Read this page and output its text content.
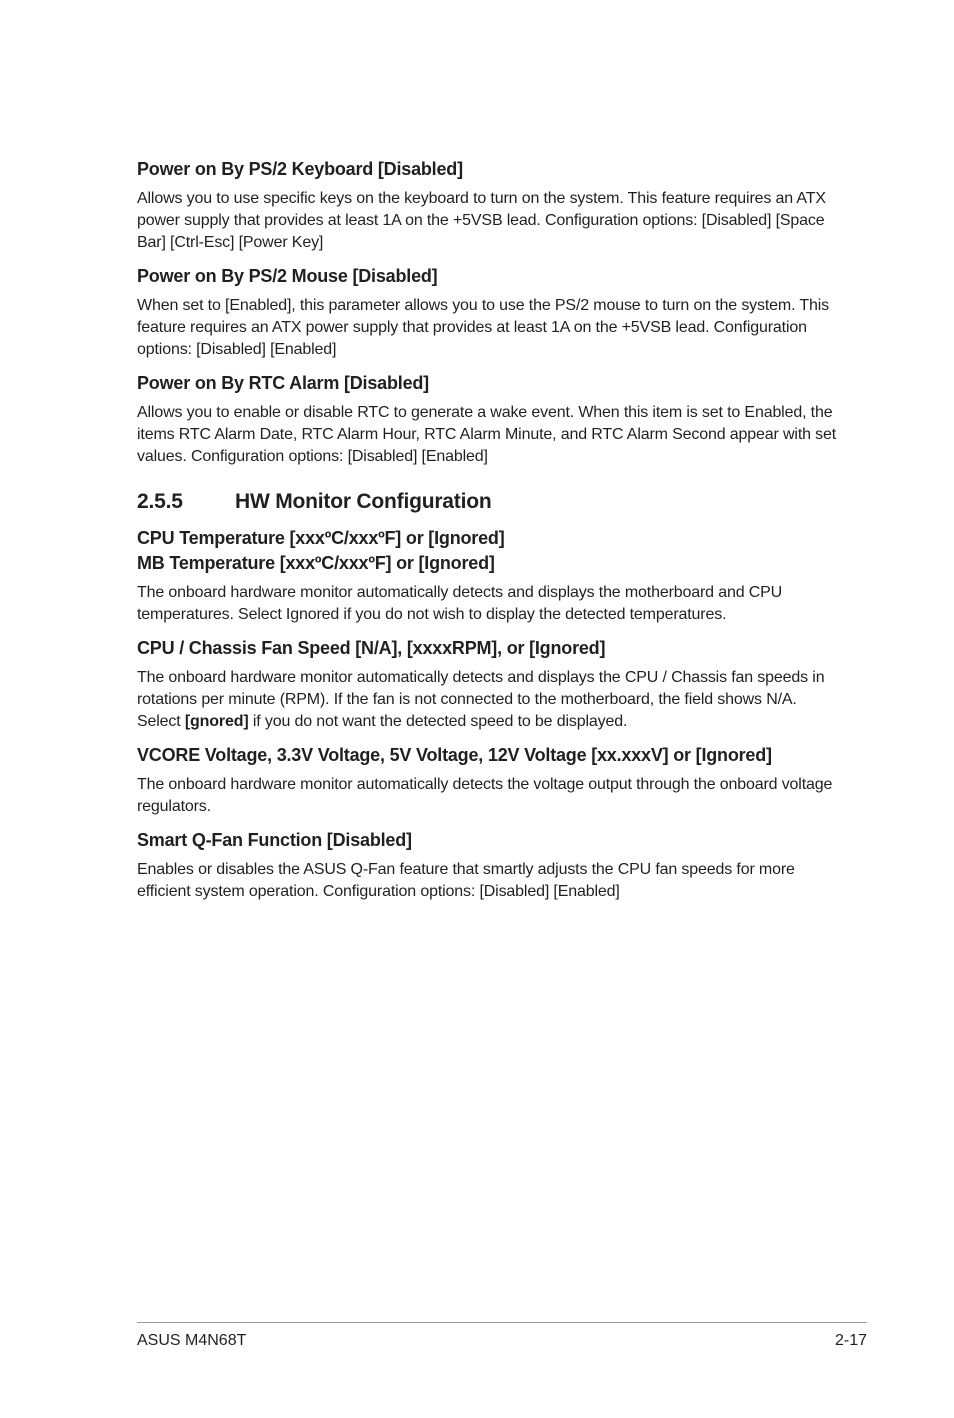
Power on By PS/2 Keyboard [Disabled]

Allows you to use specific keys on the keyboard to turn on the system. This feature requires an ATX power supply that provides at least 1A on the +5VSB lead. Configuration options: [Disabled] [Space Bar] [Ctrl-Esc] [Power Key]

Power on By PS/2 Mouse [Disabled]

When set to [Enabled], this parameter allows you to use the PS/2 mouse to turn on the system. This feature requires an ATX power supply that provides at least 1A on the +5VSB lead. Configuration options: [Disabled] [Enabled]

Power on By RTC Alarm [Disabled]

Allows you to enable or disable RTC to generate a wake event. When this item is set to Enabled, the items RTC Alarm Date, RTC Alarm Hour, RTC Alarm Minute, and RTC Alarm Second appear with set values. Configuration options: [Disabled] [Enabled]

2.5.5	HW Monitor Configuration
CPU Temperature [xxxºC/xxxºF] or [Ignored]
MB Temperature [xxxºC/xxxºF] or [Ignored]

The onboard hardware monitor automatically detects and displays the motherboard and CPU temperatures. Select Ignored if you do not wish to display the detected temperatures.

CPU / Chassis Fan Speed [N/A], [xxxxRPM], or [Ignored]

The onboard hardware monitor automatically detects and displays the CPU / Chassis fan speeds in rotations per minute (RPM). If the fan is not connected to the motherboard, the field shows N/A. Select [gnored] if you do not want the detected speed to be displayed.

VCORE Voltage, 3.3V Voltage, 5V Voltage, 12V Voltage [xx.xxxV] or [Ignored]

The onboard hardware monitor automatically detects the voltage output through the onboard voltage regulators.

Smart Q-Fan Function [Disabled]

Enables or disables the ASUS Q-Fan feature that smartly adjusts the CPU fan speeds for more efficient system operation. Configuration options: [Disabled] [Enabled]

ASUS M4N68T	2-17
